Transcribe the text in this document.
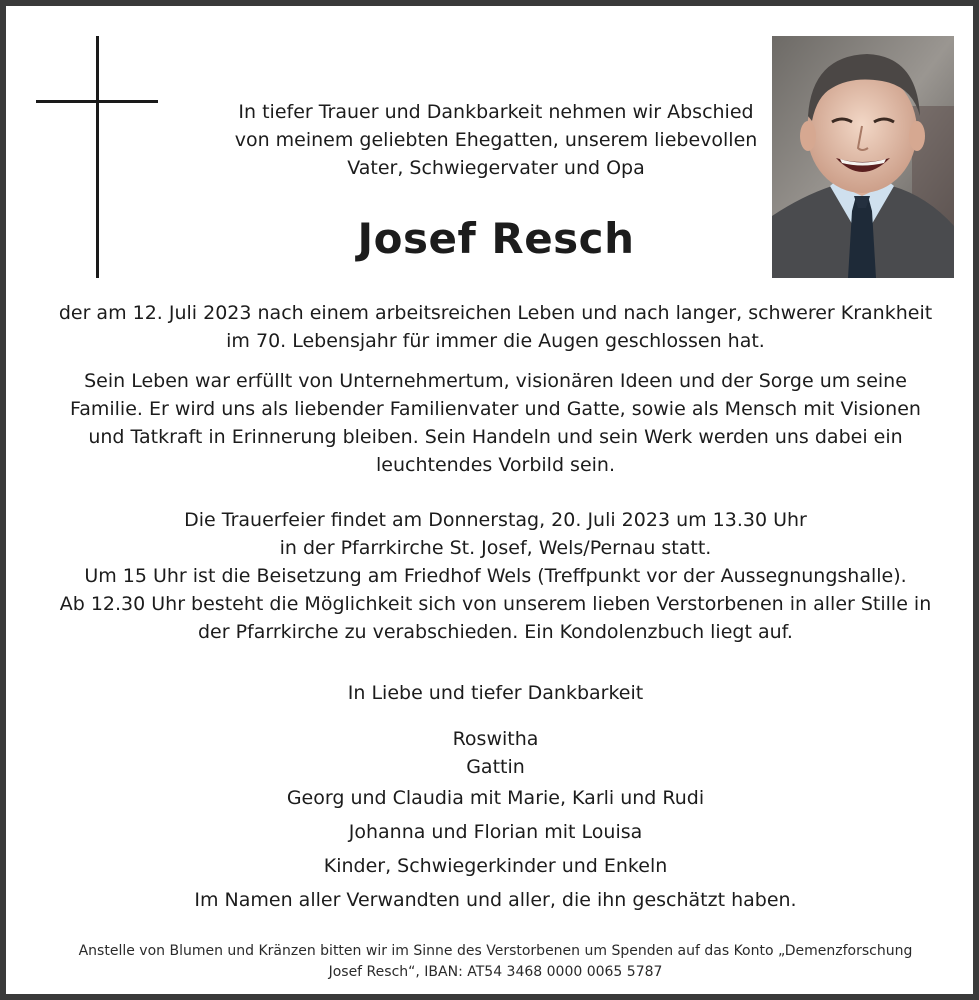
In tiefer Trauer und Dankbarkeit nehmen wir Abschied
von meinem geliebten Ehegatten, unserem liebevollen
Vater, Schwiegervater und Opa
Josef Resch
der am 12. Juli 2023 nach einem arbeitsreichen Leben und nach langer, schwerer Krankheit
im 70. Lebensjahr für immer die Augen geschlossen hat.
Sein Leben war erfüllt von Unternehmertum, visionären Ideen und der Sorge um seine
Familie. Er wird uns als liebender Familienvater und Gatte, sowie als Mensch mit Visionen
und Tatkraft in Erinnerung bleiben. Sein Handeln und sein Werk werden uns dabei ein
leuchtendes Vorbild sein.
Die Trauerfeier findet am Donnerstag, 20. Juli 2023 um 13.30 Uhr
in der Pfarrkirche St. Josef, Wels/Pernau statt.
Um 15 Uhr ist die Beisetzung am Friedhof Wels (Treffpunkt vor der Aussegnungshalle).
Ab 12.30 Uhr besteht die Möglichkeit sich von unserem lieben Verstorbenen in aller Stille in
der Pfarrkirche zu verabschieden. Ein Kondolenzbuch liegt auf.
In Liebe und tiefer Dankbarkeit
Roswitha
Gattin
Georg und Claudia mit Marie, Karli und Rudi
Johanna und Florian mit Louisa
Kinder, Schwiegerkinder und Enkeln
Im Namen aller Verwandten und aller, die ihn geschätzt haben.
Anstelle von Blumen und Kränzen bitten wir im Sinne des Verstorbenen um Spenden auf das Konto „Demenzforschung
Josef Resch“, IBAN: AT54 3468 0000 0065 5787
